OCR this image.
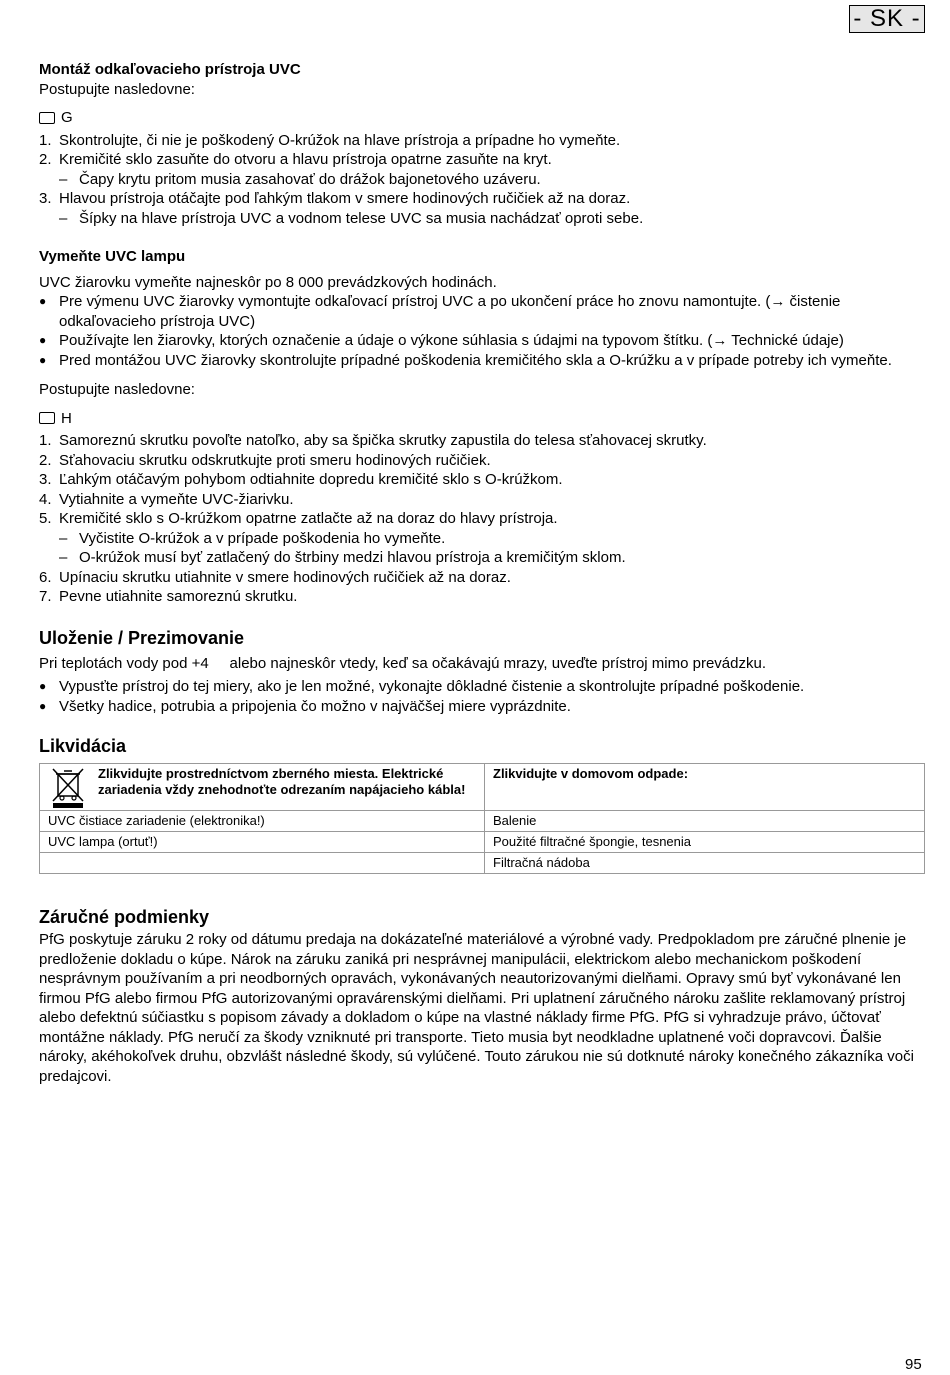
- SK -

Montáž odkaľovacieho prístroja UVC

Postupujte nasledovne:

G
1. Skontrolujte, či nie je poškodený O-krúžok na hlave prístroja a prípadne ho vymeňte.
2. Kremičité sklo zasuňte do otvoru a hlavu prístroja opatrne zasuňte na kryt.
– Čapy krytu pritom musia zasahovať do drážok bajonetového uzáveru.
3. Hlavou prístroja otáčajte pod ľahkým tlakom v smere hodinových ručičiek až na doraz.
– Šípky na hlave prístroja UVC a vodnom telese UVC sa musia nachádzať oproti sebe.

Vymeňte UVC lampu

UVC žiarovku vymeňte najneskôr po 8 000 prevádzkových hodinách.

● Pre výmenu UVC žiarovky vymontujte odkaľovací prístroj UVC a po ukončení práce ho znovu namontujte. (→ čistenie odkaľovacieho prístroja UVC)
● Používajte len žiarovky, ktorých označenie a údaje o výkone súhlasia s údajmi na typovom štítku. (→ Technické údaje)
● Pred montážou UVC žiarovky skontrolujte prípadné poškodenia kremičitého skla a O-krúžku a v prípade potreby ich vymeňte.

Postupujte nasledovne:

H
1. Samoreznú skrutku povoľte natoľko, aby sa špička skrutky zapustila do telesa sťahovacej skrutky.
2. Sťahovaciu skrutku odskrutkujte proti smeru hodinových ručičiek.
3. Ľahkým otáčavým pohybom odtiahnite dopredu kremičité sklo s O-krúžkom.
4. Vytiahnite a vymeňte UVC-žiarivku.
5. Kremičité sklo s O-krúžkom opatrne zatlačte až na doraz do hlavy prístroja.
– Vyčistite O-krúžok a v prípade poškodenia ho vymeňte.
– O-krúžok musí byť zatlačený do štrbiny medzi hlavou prístroja a kremičitým sklom.
6. Upínaciu skrutku utiahnite v smere hodinových ručičiek až na doraz.
7. Pevne utiahnite samoreznú skrutku.

Uloženie / Prezimovanie

Pri teplotách vody pod +4     alebo najneskôr vtedy, keď sa očakávajú mrazy, uveďte prístroj mimo prevádzku.

● Vypusťte prístroj do tej miery, ako je len možné, vykonajte dôkladné čistenie a skontrolujte prípadné poškodenie.
● Všetky hadice, potrubia a pripojenia čo možno v najväčšej miere vyprázdnite.

Likvidácia

Zlikvidujte prostredníctvom zberného miesta. Elektrické zariadenia vždy znehodnoťte odrezaním napájacieho kábla!	Zlikvidujte v domovom odpade:
UVC čistiace zariadenie (elektronika!)	Balenie
UVC lampa (ortuť!)	Použité filtračné špongie, tesnenia
	Filtračná nádoba

Záručné podmienky

PfG poskytuje záruku 2 roky od dátumu predaja na dokázateľné materiálové a výrobné vady. Predpokladom pre záručné plnenie je predloženie dokladu o kúpe. Nárok na záruku zaniká pri nesprávnej manipulácii, elektrickom alebo mechanickom poškodení nesprávnym používaním a pri neodborných opravách, vykonávaných neautorizovanými dielňami. Opravy smú byť vykonávané len firmou PfG alebo firmou PfG autorizovanými opravárenskými dielňami. Pri uplatnení záručného nároku zašlite reklamovaný prístroj alebo defektnú súčiastku s popisom závady a dokladom o kúpe na vlastné náklady firme PfG. PfG si vyhradzuje právo, účtovať montážne náklady. PfG neručí za škody vzniknuté pri transporte. Tieto musia byt neodkladne uplatnené voči dopravcovi. Ďalšie nároky, akéhokoľvek druhu, obzvlášt následné škody, sú vylúčené. Touto zárukou nie sú dotknuté nároky konečného zákazníka voči predajcovi.

95
